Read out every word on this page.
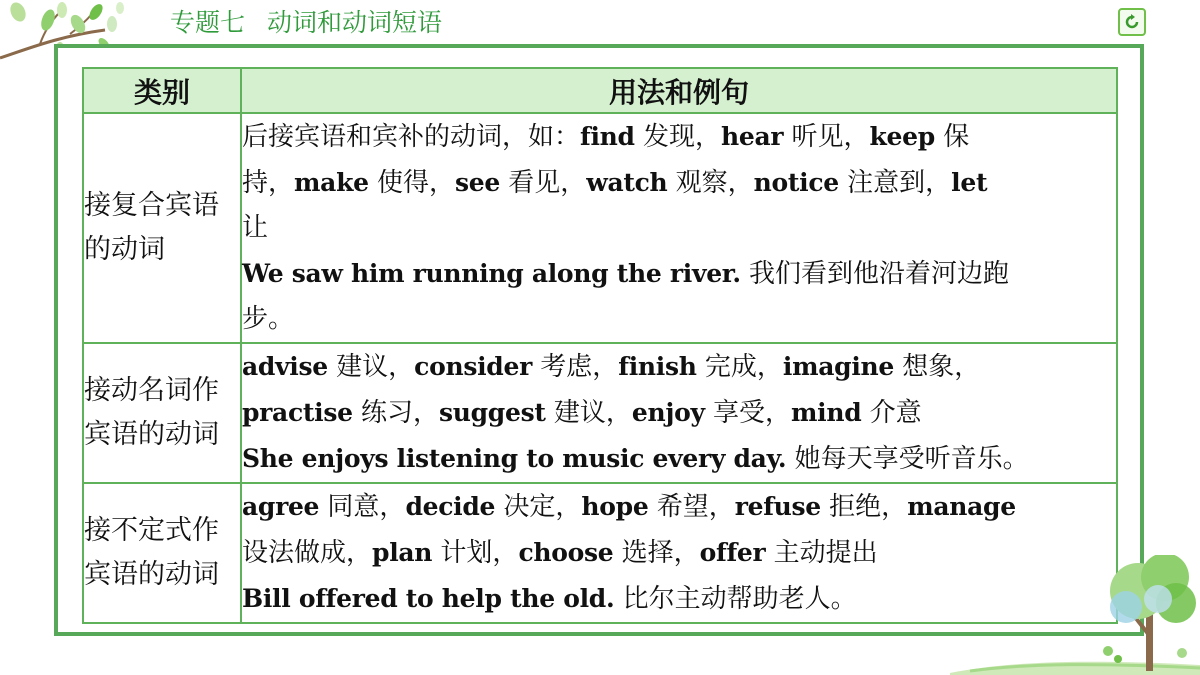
专题七 动词和动词短语
类别	用法和例句
接复合宾语的动词	后接宾语和宾补的动词，如：find 发现，hear 听见，keep 保
持，make 使得，see 看见，watch 观察，notice 注意到，let
让
We saw him running along the river. 我们看到他沿着河边跑
步。

接动名词作宾语的动词	advise 建议，consider 考虑，finish 完成，imagine 想象，
practise 练习，suggest 建议，enjoy 享受，mind 介意
She enjoys listening to music every day. 她每天享受听音乐。

接不定式作宾语的动词	agree 同意，decide 决定，hope 希望，refuse 拒绝，manage
设法做成，plan 计划，choose 选择，offer 主动提出
Bill offered to help the old. 比尔主动帮助老人。
